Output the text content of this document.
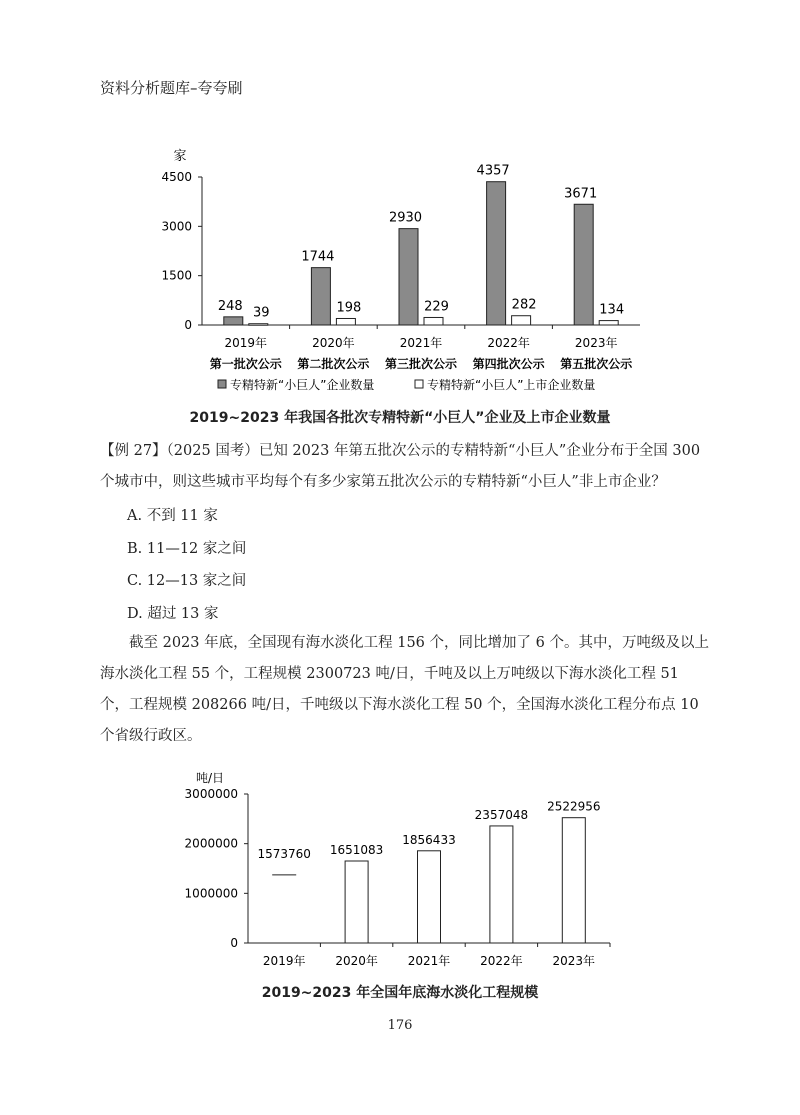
资料分析题库–夸夸刷
家
0
1500
3000
4500
248 39
2019年
第一批次公示
1744
198
2020年
第二批次公示
2930
229
2021年
第三批次公示
4357
282
2022年
第四批次公示
3671
134
2023年
第五批次公示
专精特新“小巨人”企业数量	专精特新“小巨人”上市企业数量
2019~2023 年我国各批次专精特新“小巨人”企业及上市企业数量
【例 27】（2025 国考）已知 2023 年第五批次公示的专精特新“小巨人”企业分布于全国 300 个城市中，则这些城市平均每个有多少家第五批次公示的专精特新“小巨人”非上市企业？
A. 不到 11 家
B. 11—12 家之间
C. 12—13 家之间
D. 超过 13 家
截至 2023 年底，全国现有海水淡化工程 156 个，同比增加了 6 个。其中，万吨级及以上海水淡化工程 55 个，工程规模 2300723 吨/日，千吨及以上万吨级以下海水淡化工程 51 个，工程规模 208266 吨/日，千吨级以下海水淡化工程 50 个，全国海水淡化工程分布点 10 个省级行政区。
吨/日
0
1000000
2000000
3000000
1573760
2019年
1651083
2020年
1856433
2021年
2357048
2022年
2522956
2023年
2019~2023 年全国年底海水淡化工程规模
176
